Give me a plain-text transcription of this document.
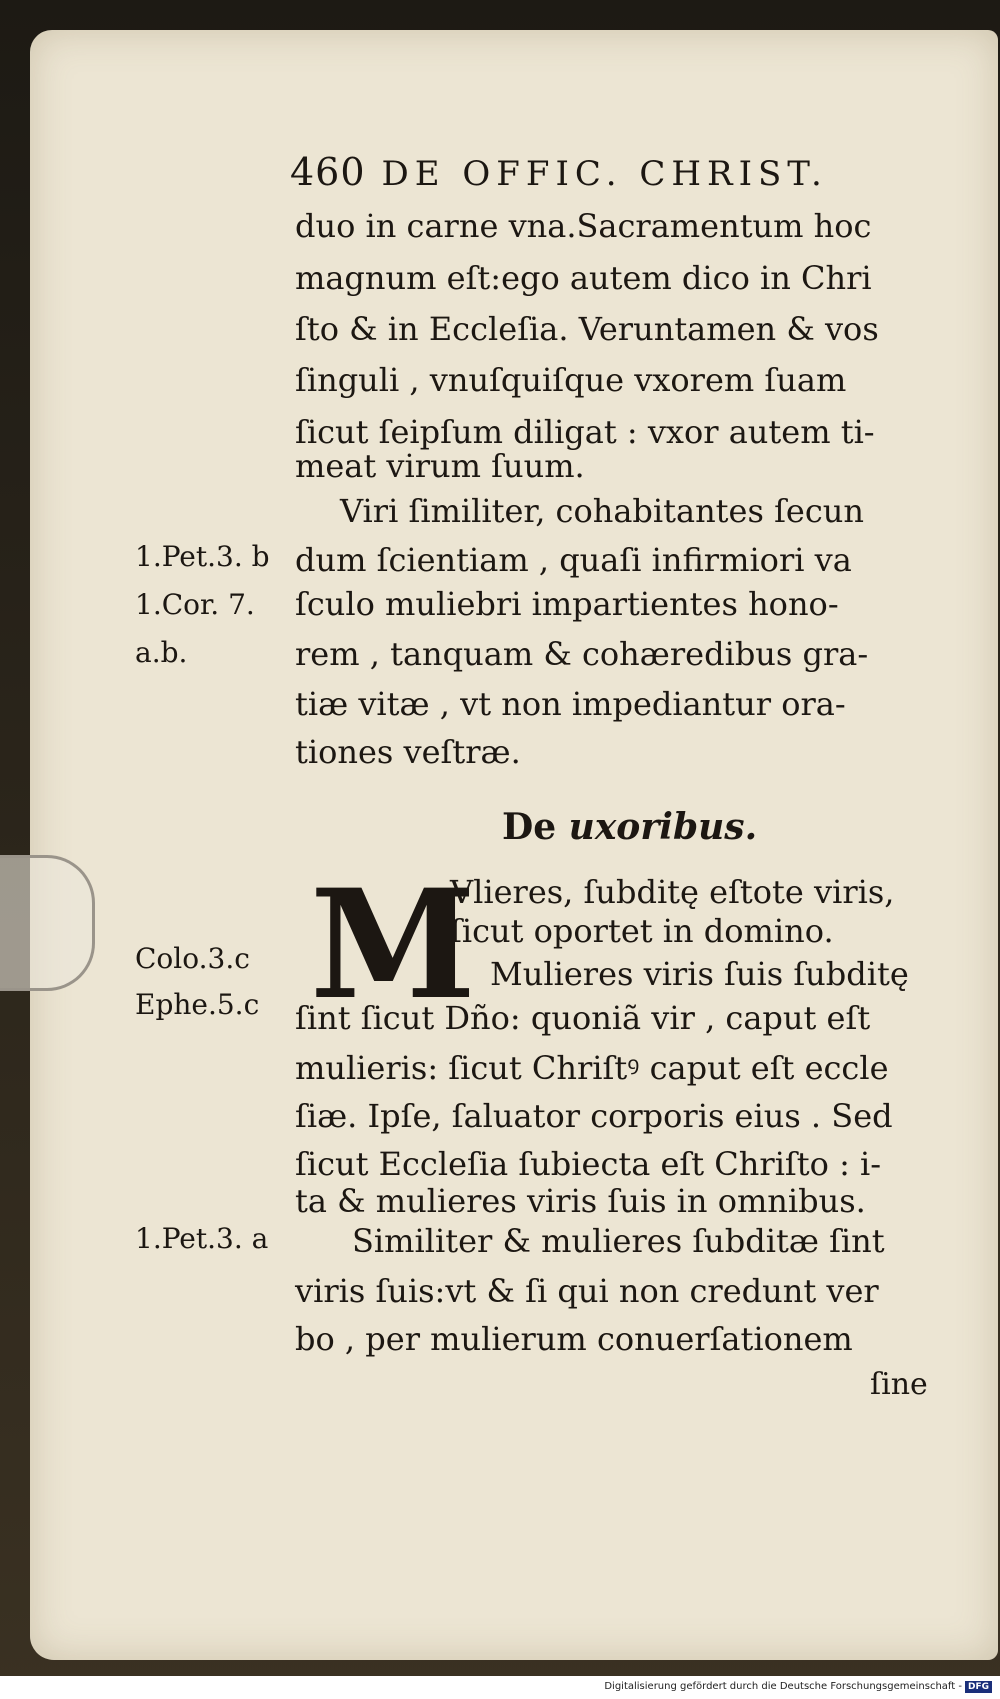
460 DE OFFIC. CHRIST.
duo in carne vna.Sacramentum hoc
magnum eſt:ego autem dico in Chri
ſto & in Eccleſia. Veruntamen & vos
ſinguli , vnuſquiſque vxorem ſuam
ſicut ſeipſum diligat : vxor autem ti-
meat virum ſuum.
Viri ſimiliter, cohabitantes ſecun
dum ſcientiam , quaſi infirmiori va
ſculo muliebri impartientes hono-
rem , tanquam & cohæredibus gra-
tiæ vitæ , vt non impediantur ora-
tiones veſtræ.
De uxoribus.
M
Vlieres, ſubditę eſtote viris,
ſicut oportet in domino.
Mulieres viris ſuis ſubditę
ſint ſicut Dño: quoniã vir , caput eſt
mulieris: ſicut Chriſtꝰ caput eſt eccle
ſiæ. Ipſe, ſaluator corporis eius . Sed
ſicut Eccleſia ſubiecta eſt Chriſto : i-
ta & mulieres viris ſuis in omnibus.
Similiter & mulieres ſubditæ ſint
viris ſuis:vt & ſi qui non credunt ver
bo , per mulierum conuerſationem
ſine
1.Pet.3. b
1.Cor. 7.
a.b.
Colo.3.c
Ephe.5.c
1.Pet.3. a
Digitalisierung gefördert durch die Deutsche Forschungsgemeinschaft - DFG
